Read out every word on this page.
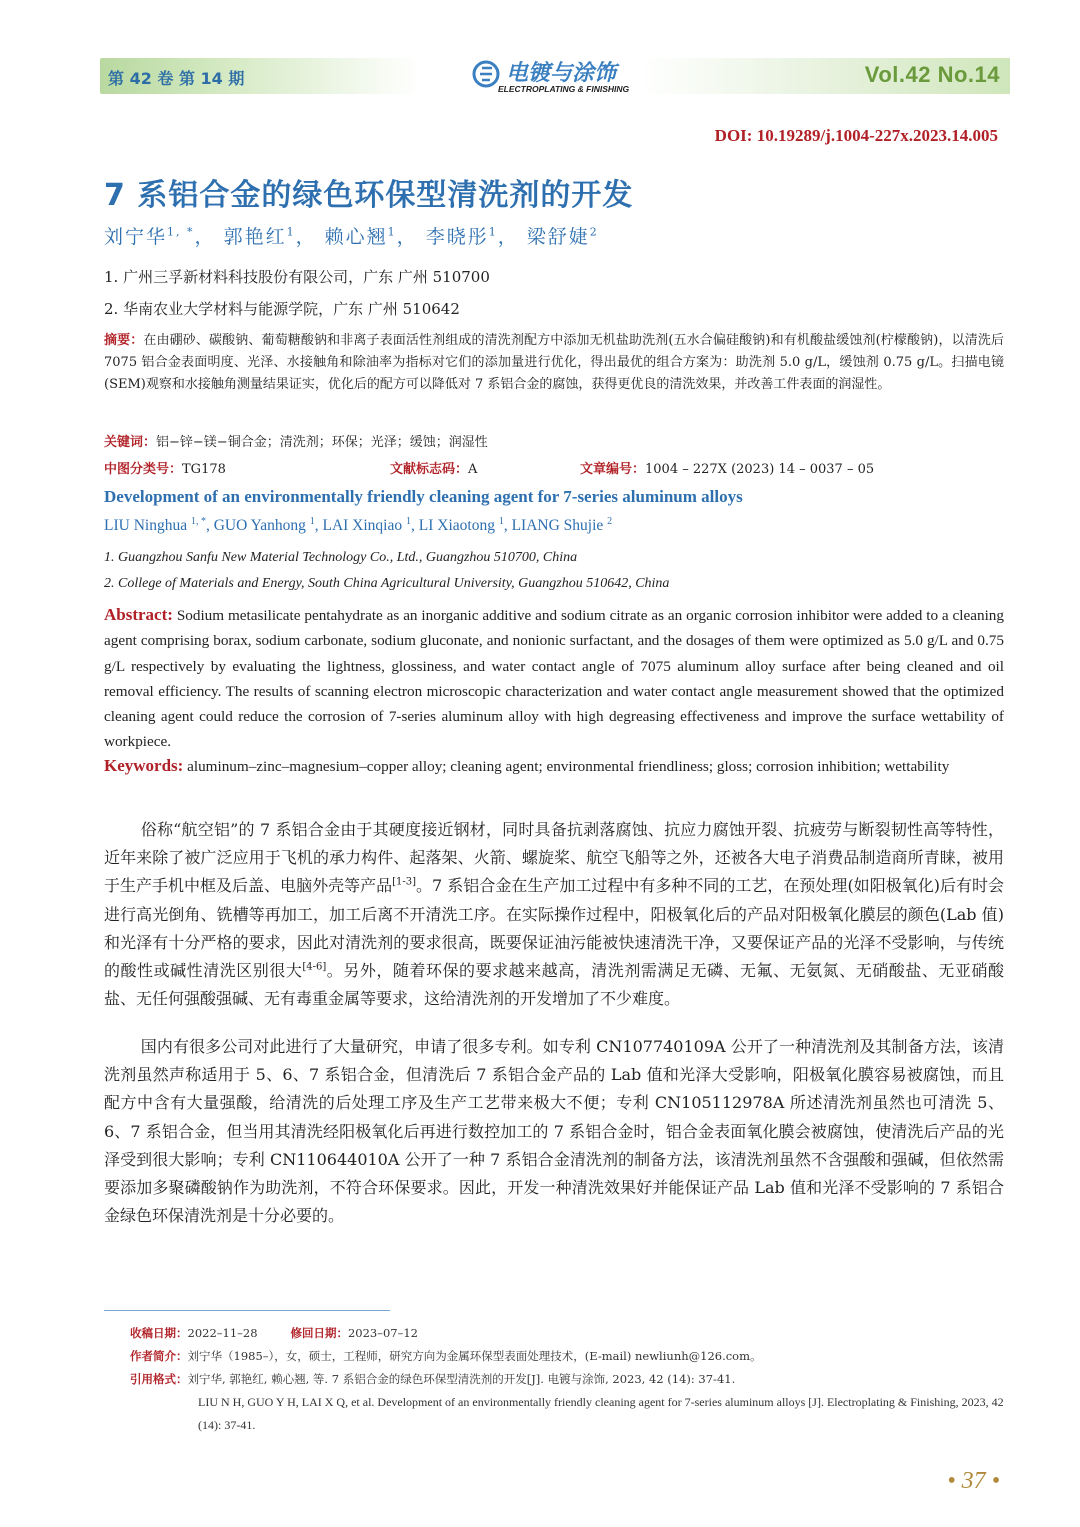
第 42 卷 第 14 期	Vol.42 No.14
电镀与涂饰
ELECTROPLATING & FINISHING
DOI: 10.19289/j.1004-227x.2023.14.005
7 系铝合金的绿色环保型清洗剂的开发
刘宁华$^{1, *}$， 郭艳红$^1$， 赖心翘$^1$， 李晓彤$^1$， 梁舒婕$^2$
1. 广州三孚新材料科技股份有限公司，广东 广州 510700
2. 华南农业大学材料与能源学院，广东 广州 510642
摘要：在由硼砂、碳酸钠、葡萄糖酸钠和非离子表面活性剂组成的清洗剂配方中添加无机盐助洗剂(五水合偏硅酸钠)和有机酸盐缓蚀剂(柠檬酸钠)，以清洗后 7075 铝合金表面明度、光泽、水接触角和除油率为指标对它们的添加量进行优化，得出最优的组合方案为：助洗剂 5.0 g/L，缓蚀剂 0.75 g/L。扫描电镜(SEM)观察和水接触角测量结果证实，优化后的配方可以降低对 7 系铝合金的腐蚀，获得更优良的清洗效果，并改善工件表面的润湿性。
关键词：铝−锌−镁−铜合金；清洗剂；环保；光泽；缓蚀；润湿性
中图分类号：TG178	文献标志码：A	文章编号：1004 – 227X (2023) 14 – 0037 – 05
Development of an environmentally friendly cleaning agent for 7-series aluminum alloys
LIU Ninghua $^{1, *}$, GUO Yanhong $^1$, LAI Xinqiao $^1$, LI Xiaotong $^1$, LIANG Shujie $^2$
1. Guangzhou Sanfu New Material Technology Co., Ltd., Guangzhou 510700, China
2. College of Materials and Energy, South China Agricultural University, Guangzhou 510642, China
Abstract: Sodium metasilicate pentahydrate as an inorganic additive and sodium citrate as an organic corrosion inhibitor were added to a cleaning agent comprising borax, sodium carbonate, sodium gluconate, and nonionic surfactant, and the dosages of them were optimized as 5.0 g/L and 0.75 g/L respectively by evaluating the lightness, glossiness, and water contact angle of 7075 aluminum alloy surface after being cleaned and oil removal efficiency. The results of scanning electron microscopic characterization and water contact angle measurement showed that the optimized cleaning agent could reduce the corrosion of 7-series aluminum alloy with high degreasing effectiveness and improve the surface wettability of workpiece.
Keywords: aluminum–zinc–magnesium–copper alloy; cleaning agent; environmental friendliness; gloss; corrosion inhibition; wettability
俗称“航空铝”的 7 系铝合金由于其硬度接近钢材，同时具备抗剥落腐蚀、抗应力腐蚀开裂、抗疲劳与断裂韧性高等特性，近年来除了被广泛应用于飞机的承力构件、起落架、火箭、螺旋桨、航空飞船等之外，还被各大电子消费品制造商所青睐，被用于生产手机中框及后盖、电脑外壳等产品[1-3]。7 系铝合金在生产加工过程中有多种不同的工艺，在预处理(如阳极氧化)后有时会进行高光倒角、铣槽等再加工，加工后离不开清洗工序。在实际操作过程中，阳极氧化后的产品对阳极氧化膜层的颜色(Lab 值)和光泽有十分严格的要求，因此对清洗剂的要求很高，既要保证油污能被快速清洗干净，又要保证产品的光泽不受影响，与传统的酸性或碱性清洗区别很大[4-6]。另外，随着环保的要求越来越高，清洗剂需满足无磷、无氟、无氨氮、无硝酸盐、无亚硝酸盐、无任何强酸强碱、无有毒重金属等要求，这给清洗剂的开发增加了不少难度。
国内有很多公司对此进行了大量研究，申请了很多专利。如专利 CN107740109A 公开了一种清洗剂及其制备方法，该清洗剂虽然声称适用于 5、6、7 系铝合金，但清洗后 7 系铝合金产品的 Lab 值和光泽大受影响，阳极氧化膜容易被腐蚀，而且配方中含有大量强酸，给清洗的后处理工序及生产工艺带来极大不便；专利 CN105112978A 所述清洗剂虽然也可清洗 5、6、7 系铝合金，但当用其清洗经阳极氧化后再进行数控加工的 7 系铝合金时，铝合金表面氧化膜会被腐蚀，使清洗后产品的光泽受到很大影响；专利 CN110644010A 公开了一种 7 系铝合金清洗剂的制备方法，该清洗剂虽然不含强酸和强碱，但依然需要添加多聚磷酸钠作为助洗剂，不符合环保要求。因此，开发一种清洗效果好并能保证产品 Lab 值和光泽不受影响的 7 系铝合金绿色环保清洗剂是十分必要的。
收稿日期：2022–11–28	修回日期：2023–07–12
作者简介：刘宁华（1985–），女，硕士，工程师，研究方向为金属环保型表面处理技术，(E-mail) newliunh@126.com。
引用格式：刘宁华, 郭艳红, 赖心翘, 等. 7 系铝合金的绿色环保型清洗剂的开发[J]. 电镀与涂饰, 2023, 42 (14): 37-41.
LIU N H, GUO Y H, LAI X Q, et al. Development of an environmentally friendly cleaning agent for 7-series aluminum alloys [J]. Electroplating & Finishing, 2023, 42 (14): 37-41.
• 37 •
